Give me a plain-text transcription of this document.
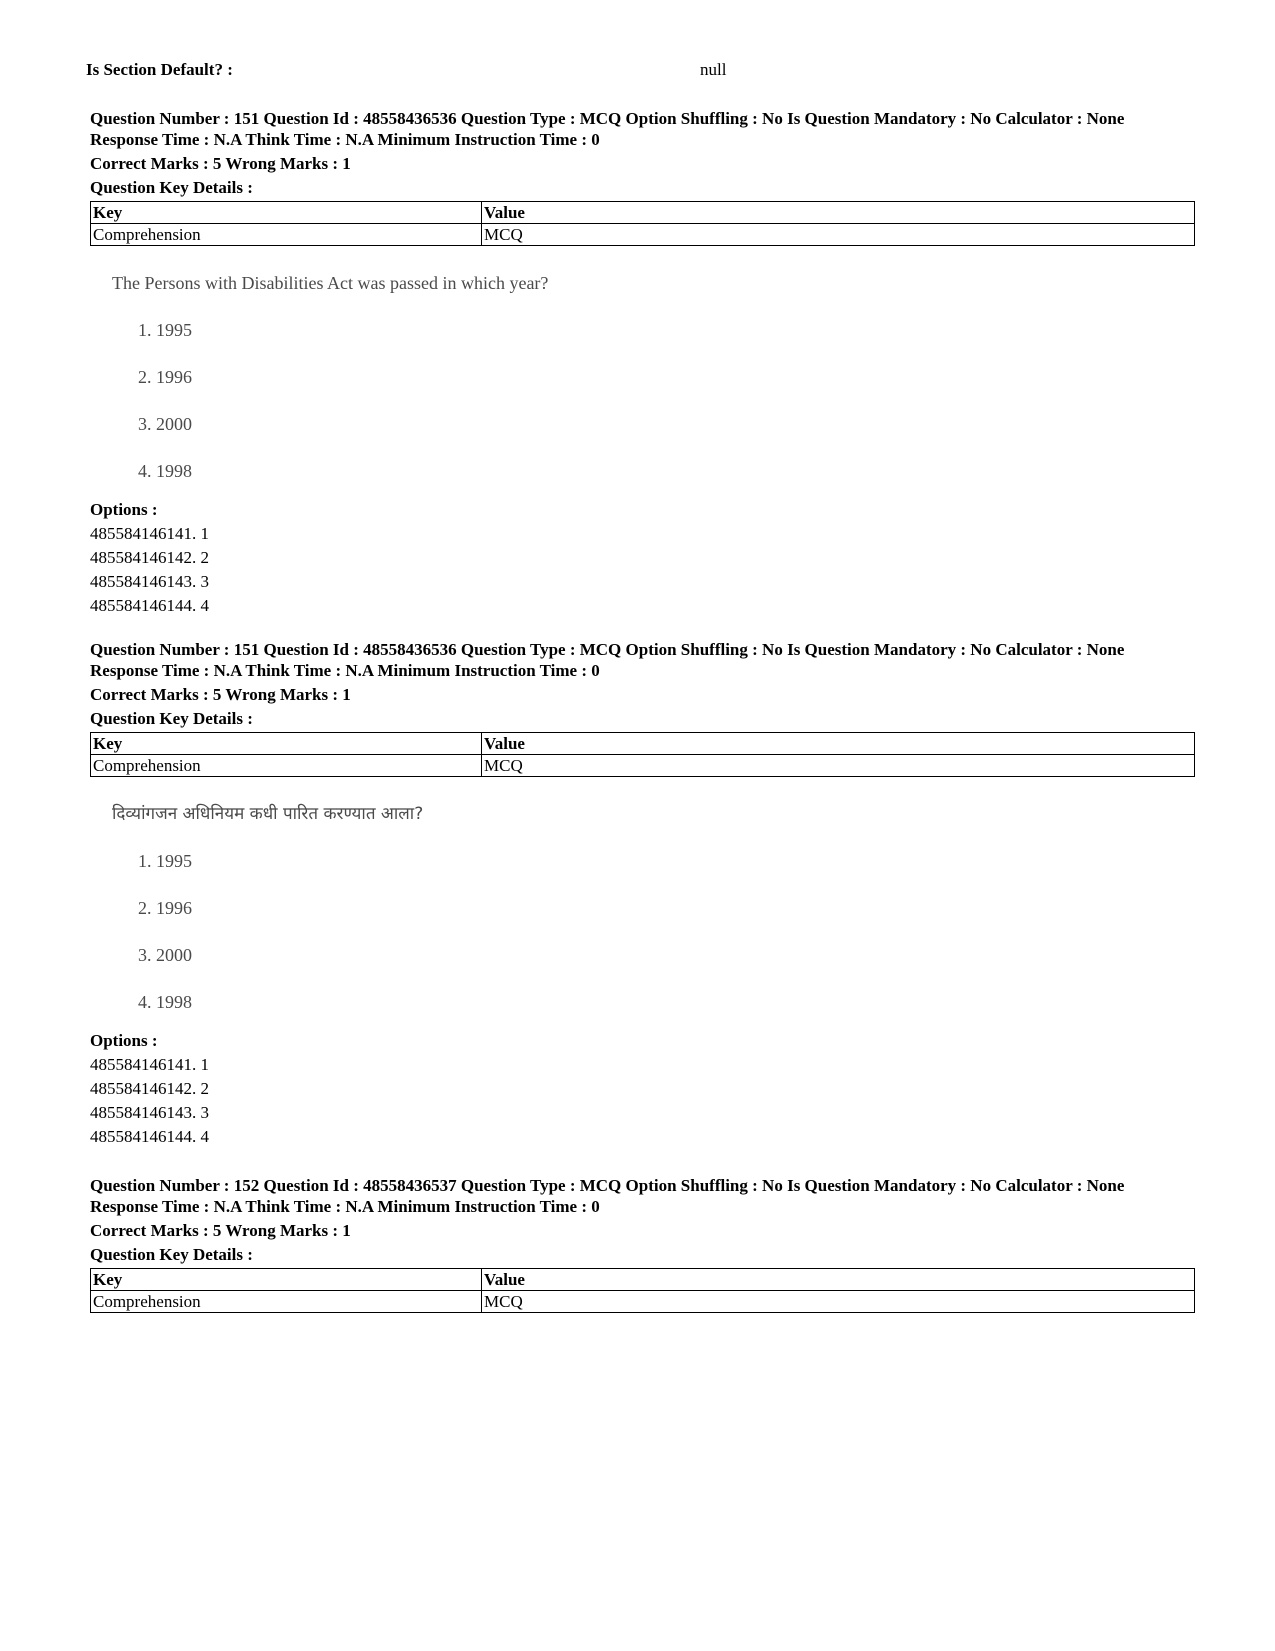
Is Section Default? :	null

Question Number : 151 Question Id : 48558436536 Question Type : MCQ Option Shuffling : No Is Question Mandatory : No Calculator : None Response Time : N.A Think Time : N.A Minimum Instruction Time : 0

Correct Marks : 5 Wrong Marks : 1
Question Key Details :
Key	Value
Comprehension	MCQ
The Persons with Disabilities Act was passed in which year?
1. 1995
2. 1996
3. 2000
4. 1998
Options :
485584146141. 1
485584146142. 2
485584146143. 3
485584146144. 4

Question Number : 151 Question Id : 48558436536 Question Type : MCQ Option Shuffling : No Is Question Mandatory : No Calculator : None Response Time : N.A Think Time : N.A Minimum Instruction Time : 0

Correct Marks : 5 Wrong Marks : 1
Question Key Details :
Key	Value
Comprehension	MCQ
दिव्यांगजन अधिनियम कधी पारित करण्यात आला?
1. 1995
2. 1996
3. 2000
4. 1998
Options :
485584146141. 1
485584146142. 2
485584146143. 3
485584146144. 4

Question Number : 152 Question Id : 48558436537 Question Type : MCQ Option Shuffling : No Is Question Mandatory : No Calculator : None Response Time : N.A Think Time : N.A Minimum Instruction Time : 0

Correct Marks : 5 Wrong Marks : 1
Question Key Details :
Key	Value
Comprehension	MCQ
